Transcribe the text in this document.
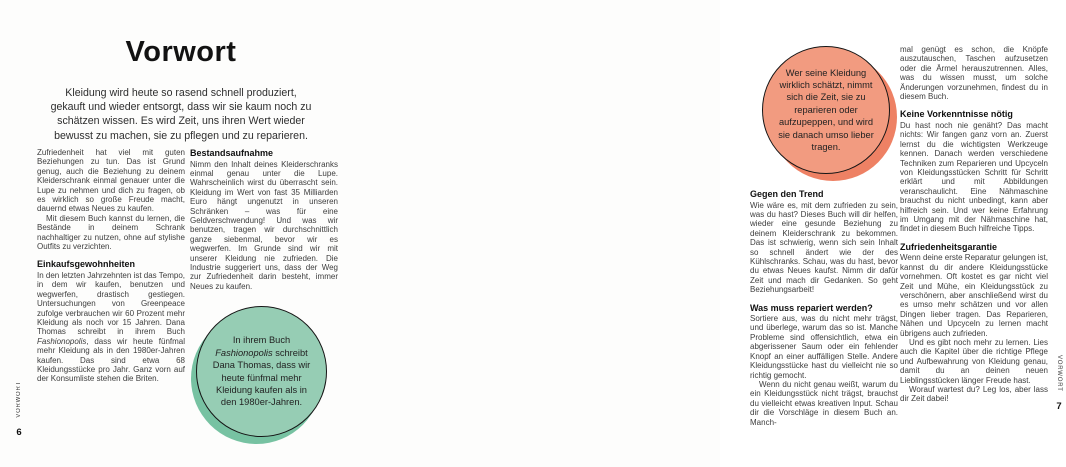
Vorwort

Kleidung wird heute so rasend schnell produziert, gekauft und wieder entsorgt, dass wir sie kaum noch zu schätzen wissen. Es wird Zeit, uns ihren Wert wieder bewusst zu machen, sie zu pflegen und zu reparieren.

Zufriedenheit hat viel mit guten Beziehungen zu tun. Das ist Grund genug, auch die Beziehung zu deinem Kleiderschrank einmal genauer unter die Lupe zu nehmen und dich zu fragen, ob es wirklich so große Freude macht, dauernd etwas Neues zu kaufen.

Mit diesem Buch kannst du lernen, die Bestände in deinem Schrank nachhaltiger zu nutzen, ohne auf stylishe Outfits zu verzichten.

Einkaufsgewohnheiten

In den letzten Jahrzehnten ist das Tempo, in dem wir kaufen, benutzen und wegwerfen, drastisch gestiegen. Untersuchungen von Greenpeace zufolge verbrauchen wir 60 Prozent mehr Kleidung als noch vor 15 Jahren. Dana Thomas schreibt in ihrem Buch Fashionopolis, dass wir heute fünfmal mehr Kleidung als in den 1980er-Jahren kaufen. Das sind etwa 68 Kleidungsstücke pro Jahr. Ganz vorn auf der Konsumliste stehen die Briten.

Bestandsaufnahme

Nimm den Inhalt deines Kleiderschranks einmal genau unter die Lupe. Wahrscheinlich wirst du überrascht sein. Kleidung im Wert von fast 35 Milliarden Euro hängt ungenutzt in unseren Schränken – was für eine Geldverschwendung! Und was wir benutzen, tragen wir durchschnittlich ganze siebenmal, bevor wir es wegwerfen. Im Grunde sind wir mit unserer Kleidung nie zufrieden. Die Industrie suggeriert uns, dass der Weg zur Zufriedenheit darin besteht, immer Neues zu kaufen.

In ihrem Buch Fashionopolis schreibt Dana Thomas, dass wir heute fünfmal mehr Kleidung kaufen als in den 1980er-Jahren.

VORWORT
6

Wer seine Kleidung wirklich schätzt, nimmt sich die Zeit, sie zu reparieren oder aufzupeppen, und wird sie danach umso lieber tragen.

Gegen den Trend

Wie wäre es, mit dem zufrieden zu sein, was du hast? Dieses Buch will dir helfen, wieder eine gesunde Beziehung zu deinem Kleiderschrank zu bekommen. Das ist schwierig, wenn sich sein Inhalt so schnell ändert wie der des Kühlschranks. Schau, was du hast, bevor du etwas Neues kaufst. Nimm dir dafür Zeit und mach dir Gedanken. So geht Beziehungsarbeit!

Was muss repariert werden?

Sortiere aus, was du nicht mehr trägst, und überlege, warum das so ist. Manche Probleme sind offensichtlich, etwa ein abgerissener Saum oder ein fehlender Knopf an einer auffälligen Stelle. Andere Kleidungsstücke hast du vielleicht nie so richtig gemocht.

Wenn du nicht genau weißt, warum du ein Kleidungsstück nicht trägst, brauchst du vielleicht etwas kreativen Input. Schau dir die Vorschläge in diesem Buch an. Manch-

mal genügt es schon, die Knöpfe auszutauschen, Taschen aufzusetzen oder die Ärmel herauszutrennen. Alles, was du wissen musst, um solche Änderungen vorzunehmen, findest du in diesem Buch.

Keine Vorkenntnisse nötig

Du hast noch nie genäht? Das macht nichts: Wir fangen ganz vorn an. Zuerst lernst du die wichtigsten Werkzeuge kennen. Danach werden verschiedene Techniken zum Reparieren und Upcyceln von Kleidungsstücken Schritt für Schritt erklärt und mit Abbildungen veranschaulicht. Eine Nähmaschine brauchst du nicht unbedingt, kann aber hilfreich sein. Und wer keine Erfahrung im Umgang mit der Nähmaschine hat, findet in diesem Buch hilfreiche Tipps.

Zufriedenheitsgarantie

Wenn deine erste Reparatur gelungen ist, kannst du dir andere Kleidungsstücke vornehmen. Oft kostet es gar nicht viel Zeit und Mühe, ein Kleidungsstück zu verschönern, aber anschließend wirst du es umso mehr schätzen und vor allen Dingen lieber tragen. Das Reparieren, Nähen und Upcyceln zu lernen macht übrigens auch zufrieden.

Und es gibt noch mehr zu lernen. Lies auch die Kapitel über die richtige Pflege und Aufbewahrung von Kleidung genau, damit du an deinen neuen Lieblingsstücken länger Freude hast.

Worauf wartest du? Leg los, aber lass dir Zeit dabei!

VORWORT
7
